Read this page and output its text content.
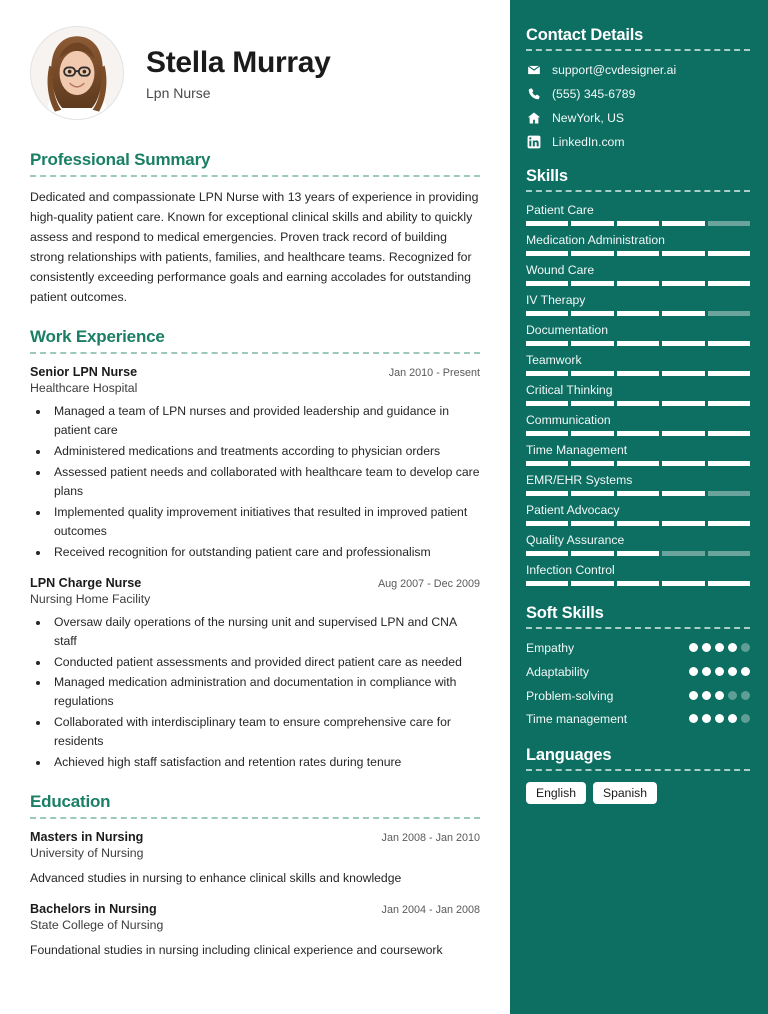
Stella Murray
Lpn Nurse
Professional Summary

Dedicated and compassionate LPN Nurse with 13 years of experience in providing high-quality patient care. Known for exceptional clinical skills and ability to quickly assess and respond to medical emergencies. Proven track record of building strong relationships with patients, families, and healthcare teams. Recognized for consistently exceeding performance goals and earning accolades for outstanding patient outcomes.

Work Experience
Senior LPN Nurse	Jan 2010 - Present
Healthcare Hospital
• Managed a team of LPN nurses and provided leadership and guidance in patient care
• Administered medications and treatments according to physician orders
• Assessed patient needs and collaborated with healthcare team to develop care plans
• Implemented quality improvement initiatives that resulted in improved patient outcomes
• Received recognition for outstanding patient care and professionalism
LPN Charge Nurse	Aug 2007 - Dec 2009
Nursing Home Facility
• Oversaw daily operations of the nursing unit and supervised LPN and CNA staff
• Conducted patient assessments and provided direct patient care as needed
• Managed medication administration and documentation in compliance with regulations
• Collaborated with interdisciplinary team to ensure comprehensive care for residents
• Achieved high staff satisfaction and retention rates during tenure
Education
Masters in Nursing	Jan 2008 - Jan 2010
University of Nursing
Advanced studies in nursing to enhance clinical skills and knowledge
Bachelors in Nursing	Jan 2004 - Jan 2008
State College of Nursing
Foundational studies in nursing including clinical experience and coursework
Contact Details
support@cvdesigner.ai
(555) 345-6789
NewYork, US
LinkedIn.com
Skills
Patient Care
Medication Administration
Wound Care
IV Therapy
Documentation
Teamwork
Critical Thinking
Communication
Time Management
EMR/EHR Systems
Patient Advocacy
Quality Assurance
Infection Control
Soft Skills
Empathy
Adaptability
Problem-solving
Time management
Languages
English	Spanish
